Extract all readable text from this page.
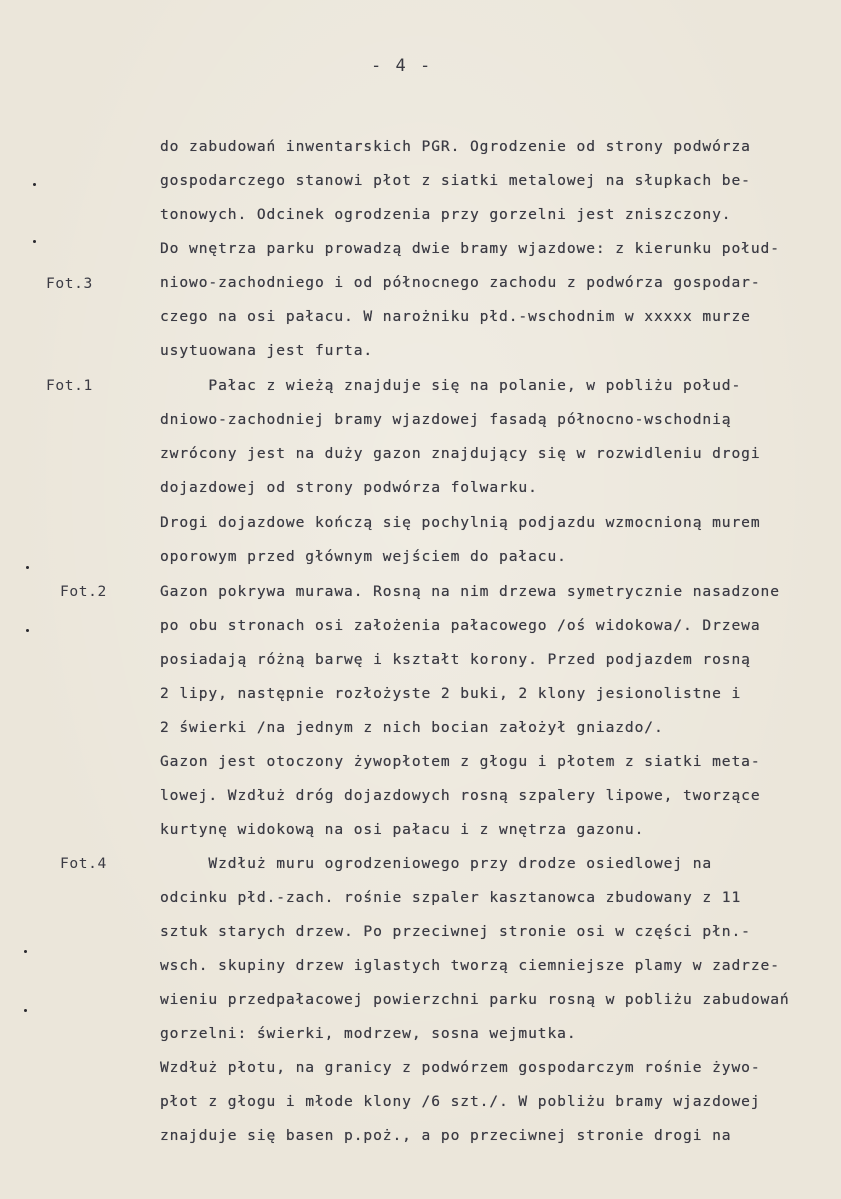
- 4 -
Fot.3
Fot.1
Fot.2
Fot.4
do zabudowań inwentarskich PGR. Ogrodzenie od strony podwórza
gospodarczego stanowi płot z siatki metalowej na słupkach be-
tonowych. Odcinek ogrodzenia przy gorzelni jest zniszczony.
Do wnętrza parku prowadzą dwie bramy wjazdowe: z kierunku połud-
niowo-zachodniego i od północnego zachodu z podwórza gospodar-
czego na osi pałacu. W narożniku płd.-wschodnim w xxxxx murze
usytuowana jest furta.
Pałac z wieżą znajduje się na polanie, w pobliżu połud-
dniowo-zachodniej bramy wjazdowej fasadą północno-wschodnią
zwrócony jest na duży gazon znajdujący się w rozwidleniu drogi
dojazdowej od strony podwórza folwarku.
Drogi dojazdowe kończą się pochylnią podjazdu wzmocnioną murem
oporowym przed głównym wejściem do pałacu.
Gazon pokrywa murawa. Rosną na nim drzewa symetrycznie nasadzone
po obu stronach osi założenia pałacowego /oś widokowa/. Drzewa
posiadają różną barwę i kształt korony. Przed podjazdem rosną
2 lipy, następnie rozłożyste 2 buki, 2 klony jesionolistne i
2 świerki /na jednym z nich bocian założył gniazdo/.
Gazon jest otoczony żywopłotem z głogu i płotem z siatki meta-
lowej. Wzdłuż dróg dojazdowych rosną szpalery lipowe, tworzące
kurtynę widokową na osi pałacu i z wnętrza gazonu.
Wzdłuż muru ogrodzeniowego przy drodze osiedlowej na
odcinku płd.-zach. rośnie szpaler kasztanowca zbudowany z 11
sztuk starych drzew. Po przeciwnej stronie osi w części płn.-
wsch. skupiny drzew iglastych tworzą ciemniejsze plamy w zadrze-
wieniu przedpałacowej powierzchni parku rosną w pobliżu zabudowań
gorzelni: świerki, modrzew, sosna wejmutka.
Wzdłuż płotu, na granicy z podwórzem gospodarczym rośnie żywo-
płot z głogu i młode klony /6 szt./. W pobliżu bramy wjazdowej
znajduje się basen p.poż., a po przeciwnej stronie drogi na
